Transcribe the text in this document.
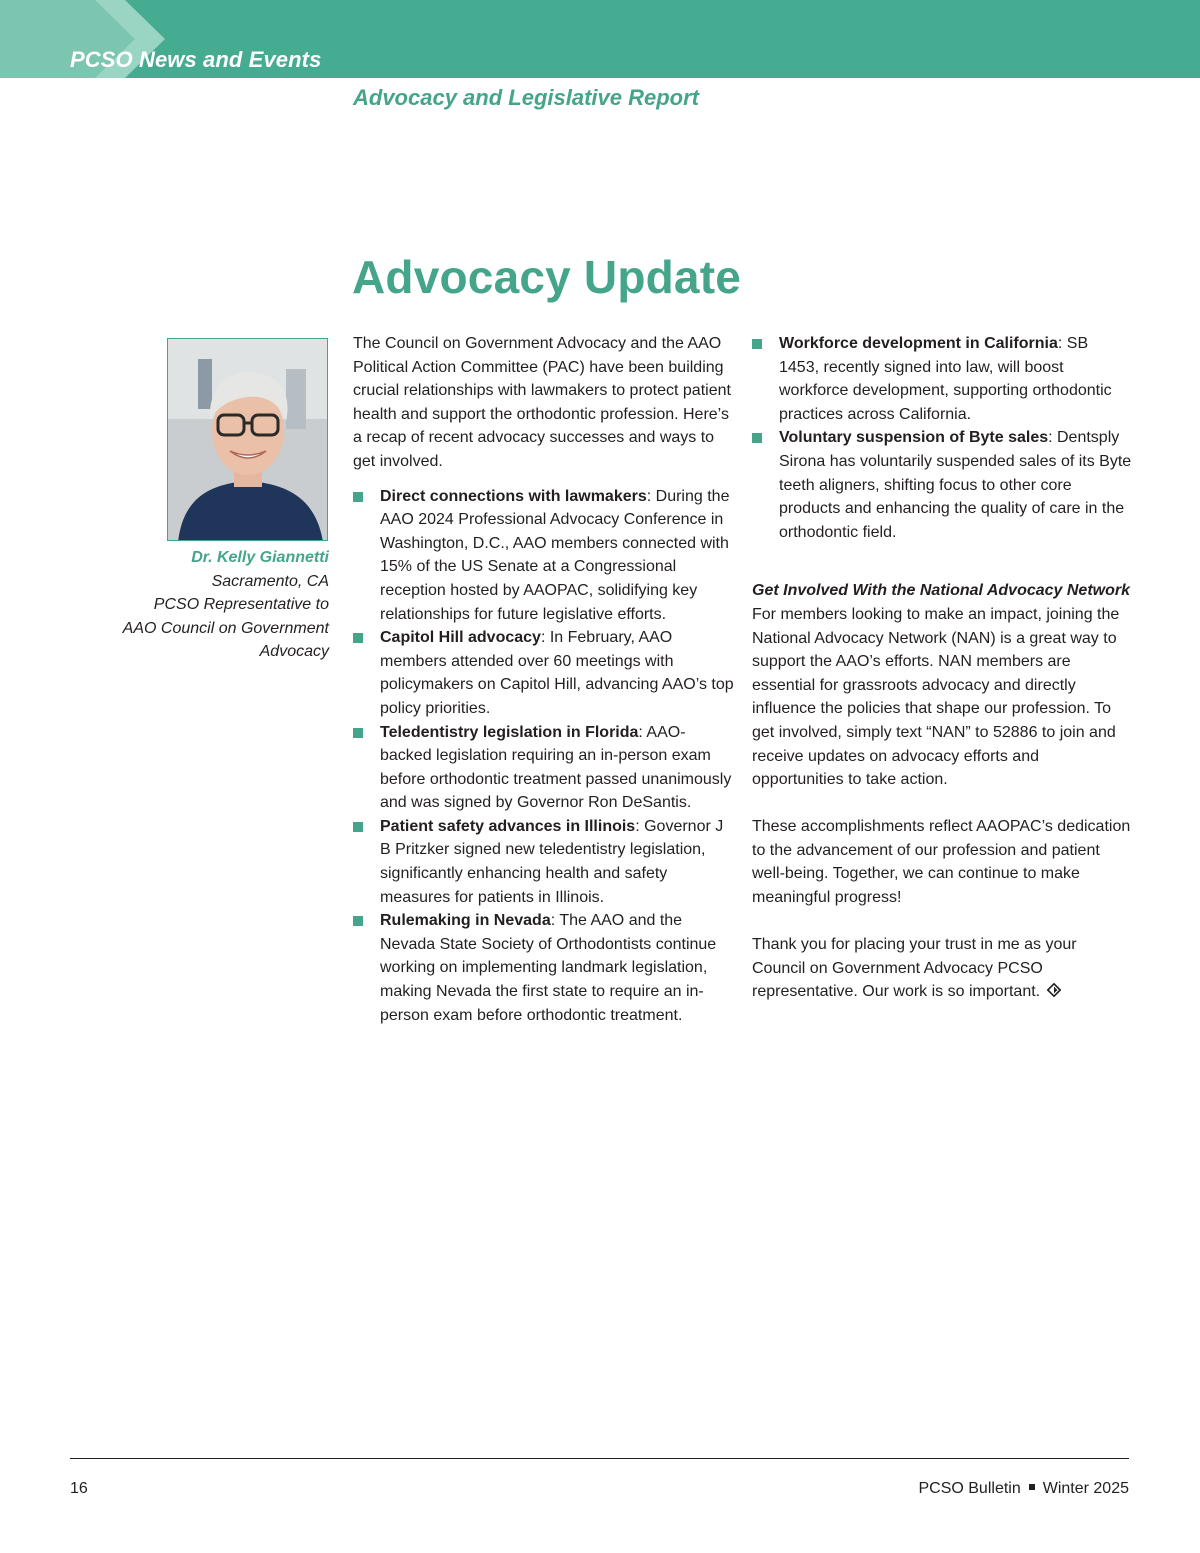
PCSO News and Events
Advocacy and Legislative Report
Advocacy Update
Dr. Kelly Giannetti
Sacramento, CA
PCSO Representative to
AAO Council on Government
Advocacy

The Council on Government Advocacy and the AAO Political Action Committee (PAC) have been building crucial relationships with lawmakers to protect patient health and support the orthodontic profession. Here’s a recap of recent advocacy successes and ways to get involved.

Direct connections with lawmakers: During the AAO 2024 Professional Advocacy Conference in Washington, D.C., AAO members connected with 15% of the US Senate at a Congressional reception hosted by AAOPAC, solidifying key relationships for future legislative efforts.
Capitol Hill advocacy: In February, AAO members attended over 60 meetings with policymakers on Capitol Hill, advancing AAO’s top policy priorities.
Teledentistry legislation in Florida: AAO-backed legislation requiring an in-person exam before orthodontic treatment passed unanimously and was signed by Governor Ron DeSantis.
Patient safety advances in Illinois: Governor J B Pritzker signed new teledentistry legislation, significantly enhancing health and safety measures for patients in Illinois.
Rulemaking in Nevada: The AAO and the Nevada State Society of Orthodontists continue working on implementing landmark legislation, making Nevada the first state to require an in-person exam before orthodontic treatment.
Workforce development in California: SB 1453, recently signed into law, will boost workforce development, supporting orthodontic practices across California.
Voluntary suspension of Byte sales: Dentsply Sirona has voluntarily suspended sales of its Byte teeth aligners, shifting focus to other core products and enhancing the quality of care in the orthodontic field.

Get Involved With the National Advocacy Network

For members looking to make an impact, joining the National Advocacy Network (NAN) is a great way to support the AAO’s efforts. NAN members are essential for grassroots advocacy and directly influence the policies that shape our profession. To get involved, simply text “NAN” to 52886 to join and receive updates on advocacy efforts and opportunities to take action.

These accomplishments reflect AAOPAC’s dedication to the advancement of our profession and patient well-being. Together, we can continue to make meaningful progress!

Thank you for placing your trust in me as your Council on Government Advocacy PCSO representative. Our work is so important.

16	PCSO Bulletin Winter 2025
